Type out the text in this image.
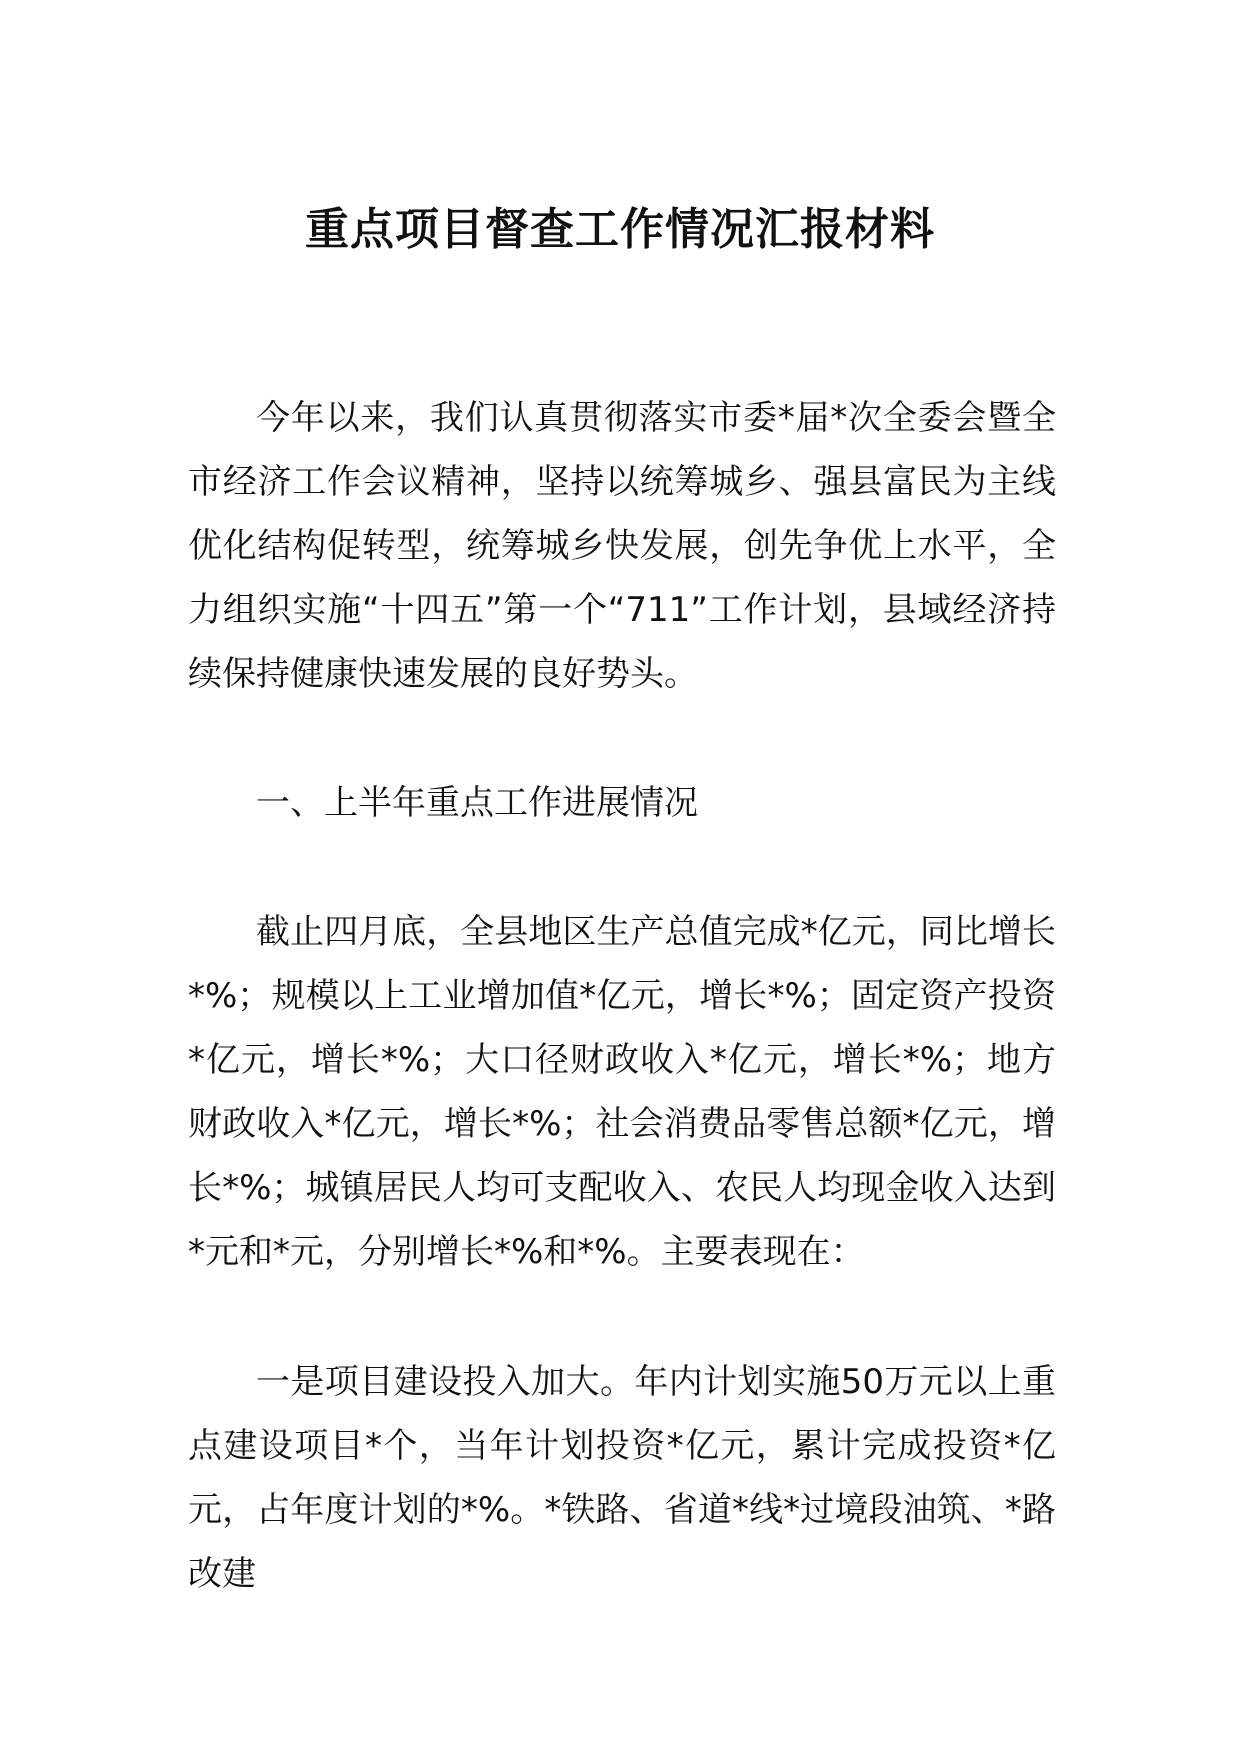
重点项目督查工作情况汇报材料

今年以来，我们认真贯彻落实市委*届*次全委会暨全市经济工作会议精神，坚持以统筹城乡、强县富民为主线优化结构促转型，统筹城乡快发展，创先争优上水平，全力组织实施“十四五”第一个“711”工作计划，县域经济持续保持健康快速发展的良好势头。

一、上半年重点工作进展情况

截止四月底，全县地区生产总值完成*亿元，同比增长*%；规模以上工业增加值*亿元，增长*%；固定资产投资*亿元，增长*%；大口径财政收入*亿元，增长*%；地方财政收入*亿元，增长*%；社会消费品零售总额*亿元，增长*%；城镇居民人均可支配收入、农民人均现金收入达到*元和*元，分别增长*%和*%。主要表现在：

一是项目建设投入加大。年内计划实施50万元以上重点建设项目*个，当年计划投资*亿元，累计完成投资*亿元，占年度计划的*%。*铁路、省道*线*过境段油筑、*路改建
